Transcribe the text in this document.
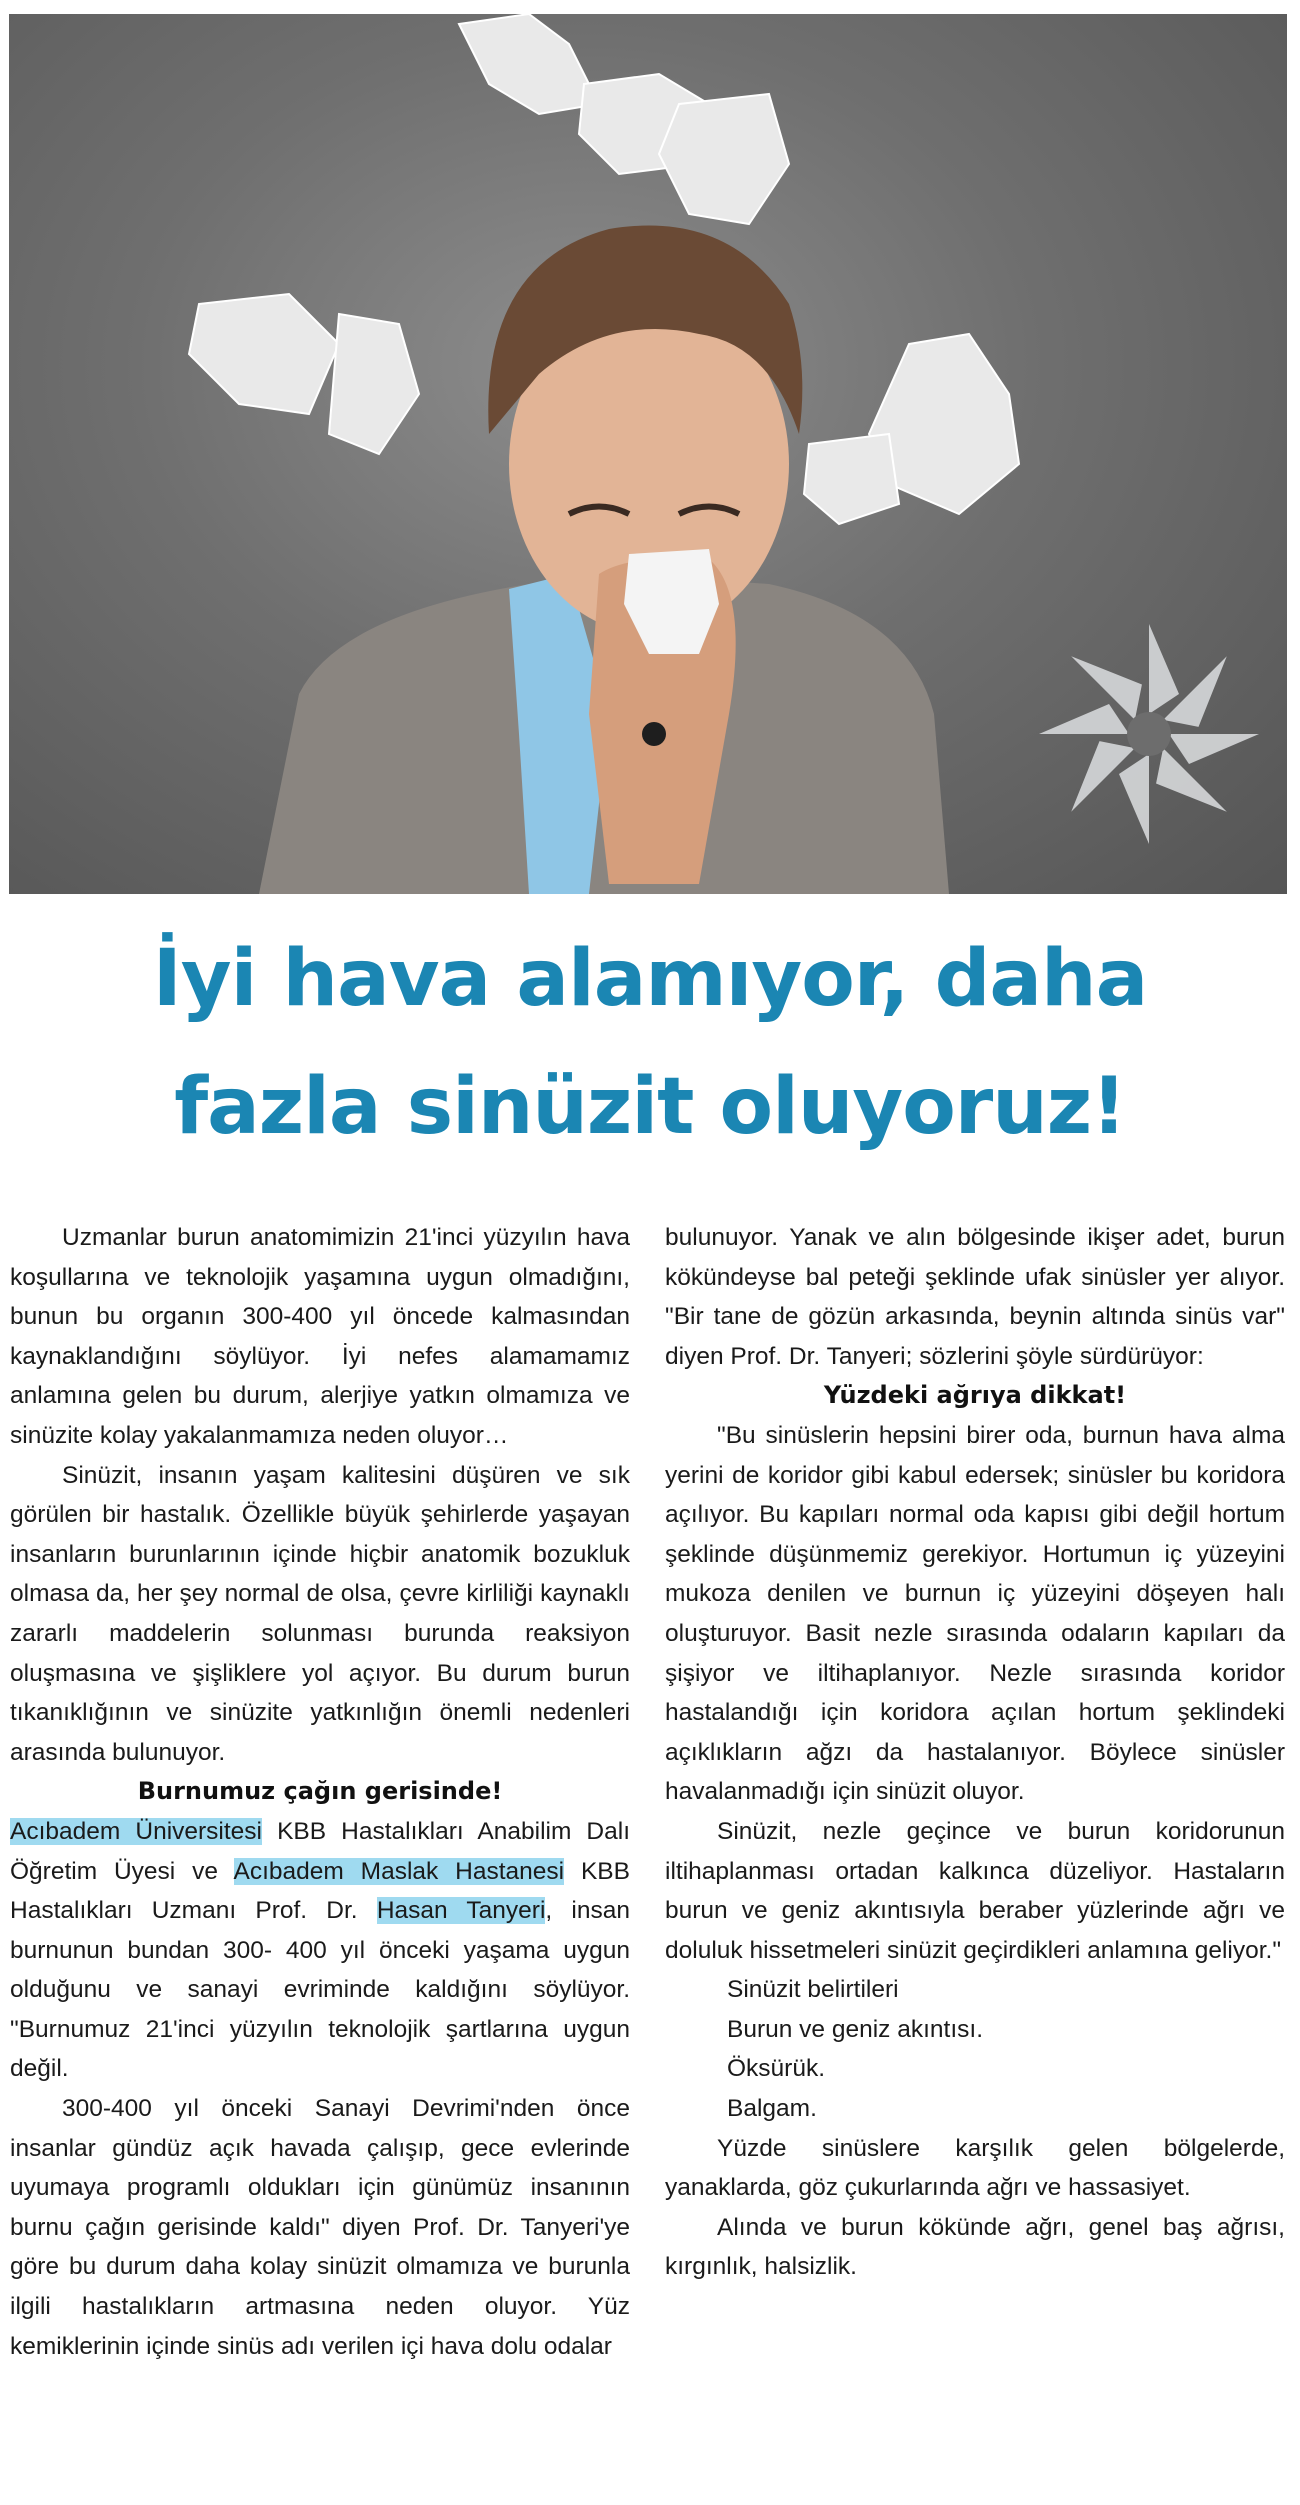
İyi hava alamıyor, daha
fazla sinüzit oluyoruz!

Uzmanlar burun anatomimizin 21'inci yüzyılın hava koşullarına ve teknolojik yaşamına uygun olmadığını, bunun bu organın 300-400 yıl öncede kalmasından kaynaklandığını söylüyor. İyi nefes alamamamız anlamına gelen bu durum, alerjiye yatkın olmamıza ve sinüzite kolay yakalanmamıza neden oluyor…

Sinüzit, insanın yaşam kalitesini düşüren ve sık görülen bir hastalık. Özellikle büyük şehirlerde yaşayan insanların burunlarının içinde hiçbir anatomik bozukluk olmasa da, her şey normal de olsa, çevre kirliliği kaynaklı zararlı maddelerin solunması burunda reaksiyon oluşmasına ve şişliklere yol açıyor. Bu durum burun tıkanıklığının ve sinüzite yatkınlığın önemli nedenleri arasında bulunuyor.

Burnumuz çağın gerisinde!

Acıbadem Üniversitesi KBB Hastalıkları Anabilim Dalı Öğretim Üyesi ve Acıbadem Maslak Hastanesi KBB Hastalıkları Uzmanı Prof. Dr. Hasan Tanyeri, insan burnunun bundan 300- 400 yıl önceki yaşama uygun olduğunu ve sanayi evriminde kaldığını söylüyor. "Burnumuz 21'inci yüzyılın teknolojik şartlarına uygun değil.

300-400 yıl önceki Sanayi Devrimi'nden önce insanlar gündüz açık havada çalışıp, gece evlerinde uyumaya programlı oldukları için günümüz insanının burnu çağın gerisinde kaldı" diyen Prof. Dr. Tanyeri'ye göre bu durum daha kolay sinüzit olmamıza ve burunla ilgili hastalıkların artmasına neden oluyor. Yüz kemiklerinin içinde sinüs adı verilen içi hava dolu odalar

bulunuyor. Yanak ve alın bölgesinde ikişer adet, burun kökündeyse bal peteği şeklinde ufak sinüsler yer alıyor. "Bir tane de gözün arkasında, beynin altında sinüs var" diyen Prof. Dr. Tanyeri; sözlerini şöyle sürdürüyor:

Yüzdeki ağrıya dikkat!

"Bu sinüslerin hepsini birer oda, burnun hava alma yerini de koridor gibi kabul edersek; sinüsler bu koridora açılıyor. Bu kapıları normal oda kapısı gibi değil hortum şeklinde düşünmemiz gerekiyor. Hortumun iç yüzeyini mukoza denilen ve burnun iç yüzeyini döşeyen halı oluşturuyor. Basit nezle sırasında odaların kapıları da şişiyor ve iltihaplanıyor. Nezle sırasında koridor hastalandığı için koridora açılan hortum şeklindeki açıklıkların ağzı da hastalanıyor. Böylece sinüsler havalanmadığı için sinüzit oluyor.

Sinüzit, nezle geçince ve burun koridorunun iltihaplanması ortadan kalkınca düzeliyor. Hastaların burun ve geniz akıntısıyla beraber yüzlerinde ağrı ve doluluk hissetmeleri sinüzit geçirdikleri anlamına geliyor."

Sinüzit belirtileri

Burun ve geniz akıntısı.

Öksürük.

Balgam.

Yüzde sinüslere karşılık gelen bölgelerde, yanaklarda, göz çukurlarında ağrı ve hassasiyet.

Alında ve burun kökünde ağrı, genel baş ağrısı, kırgınlık, halsizlik.
